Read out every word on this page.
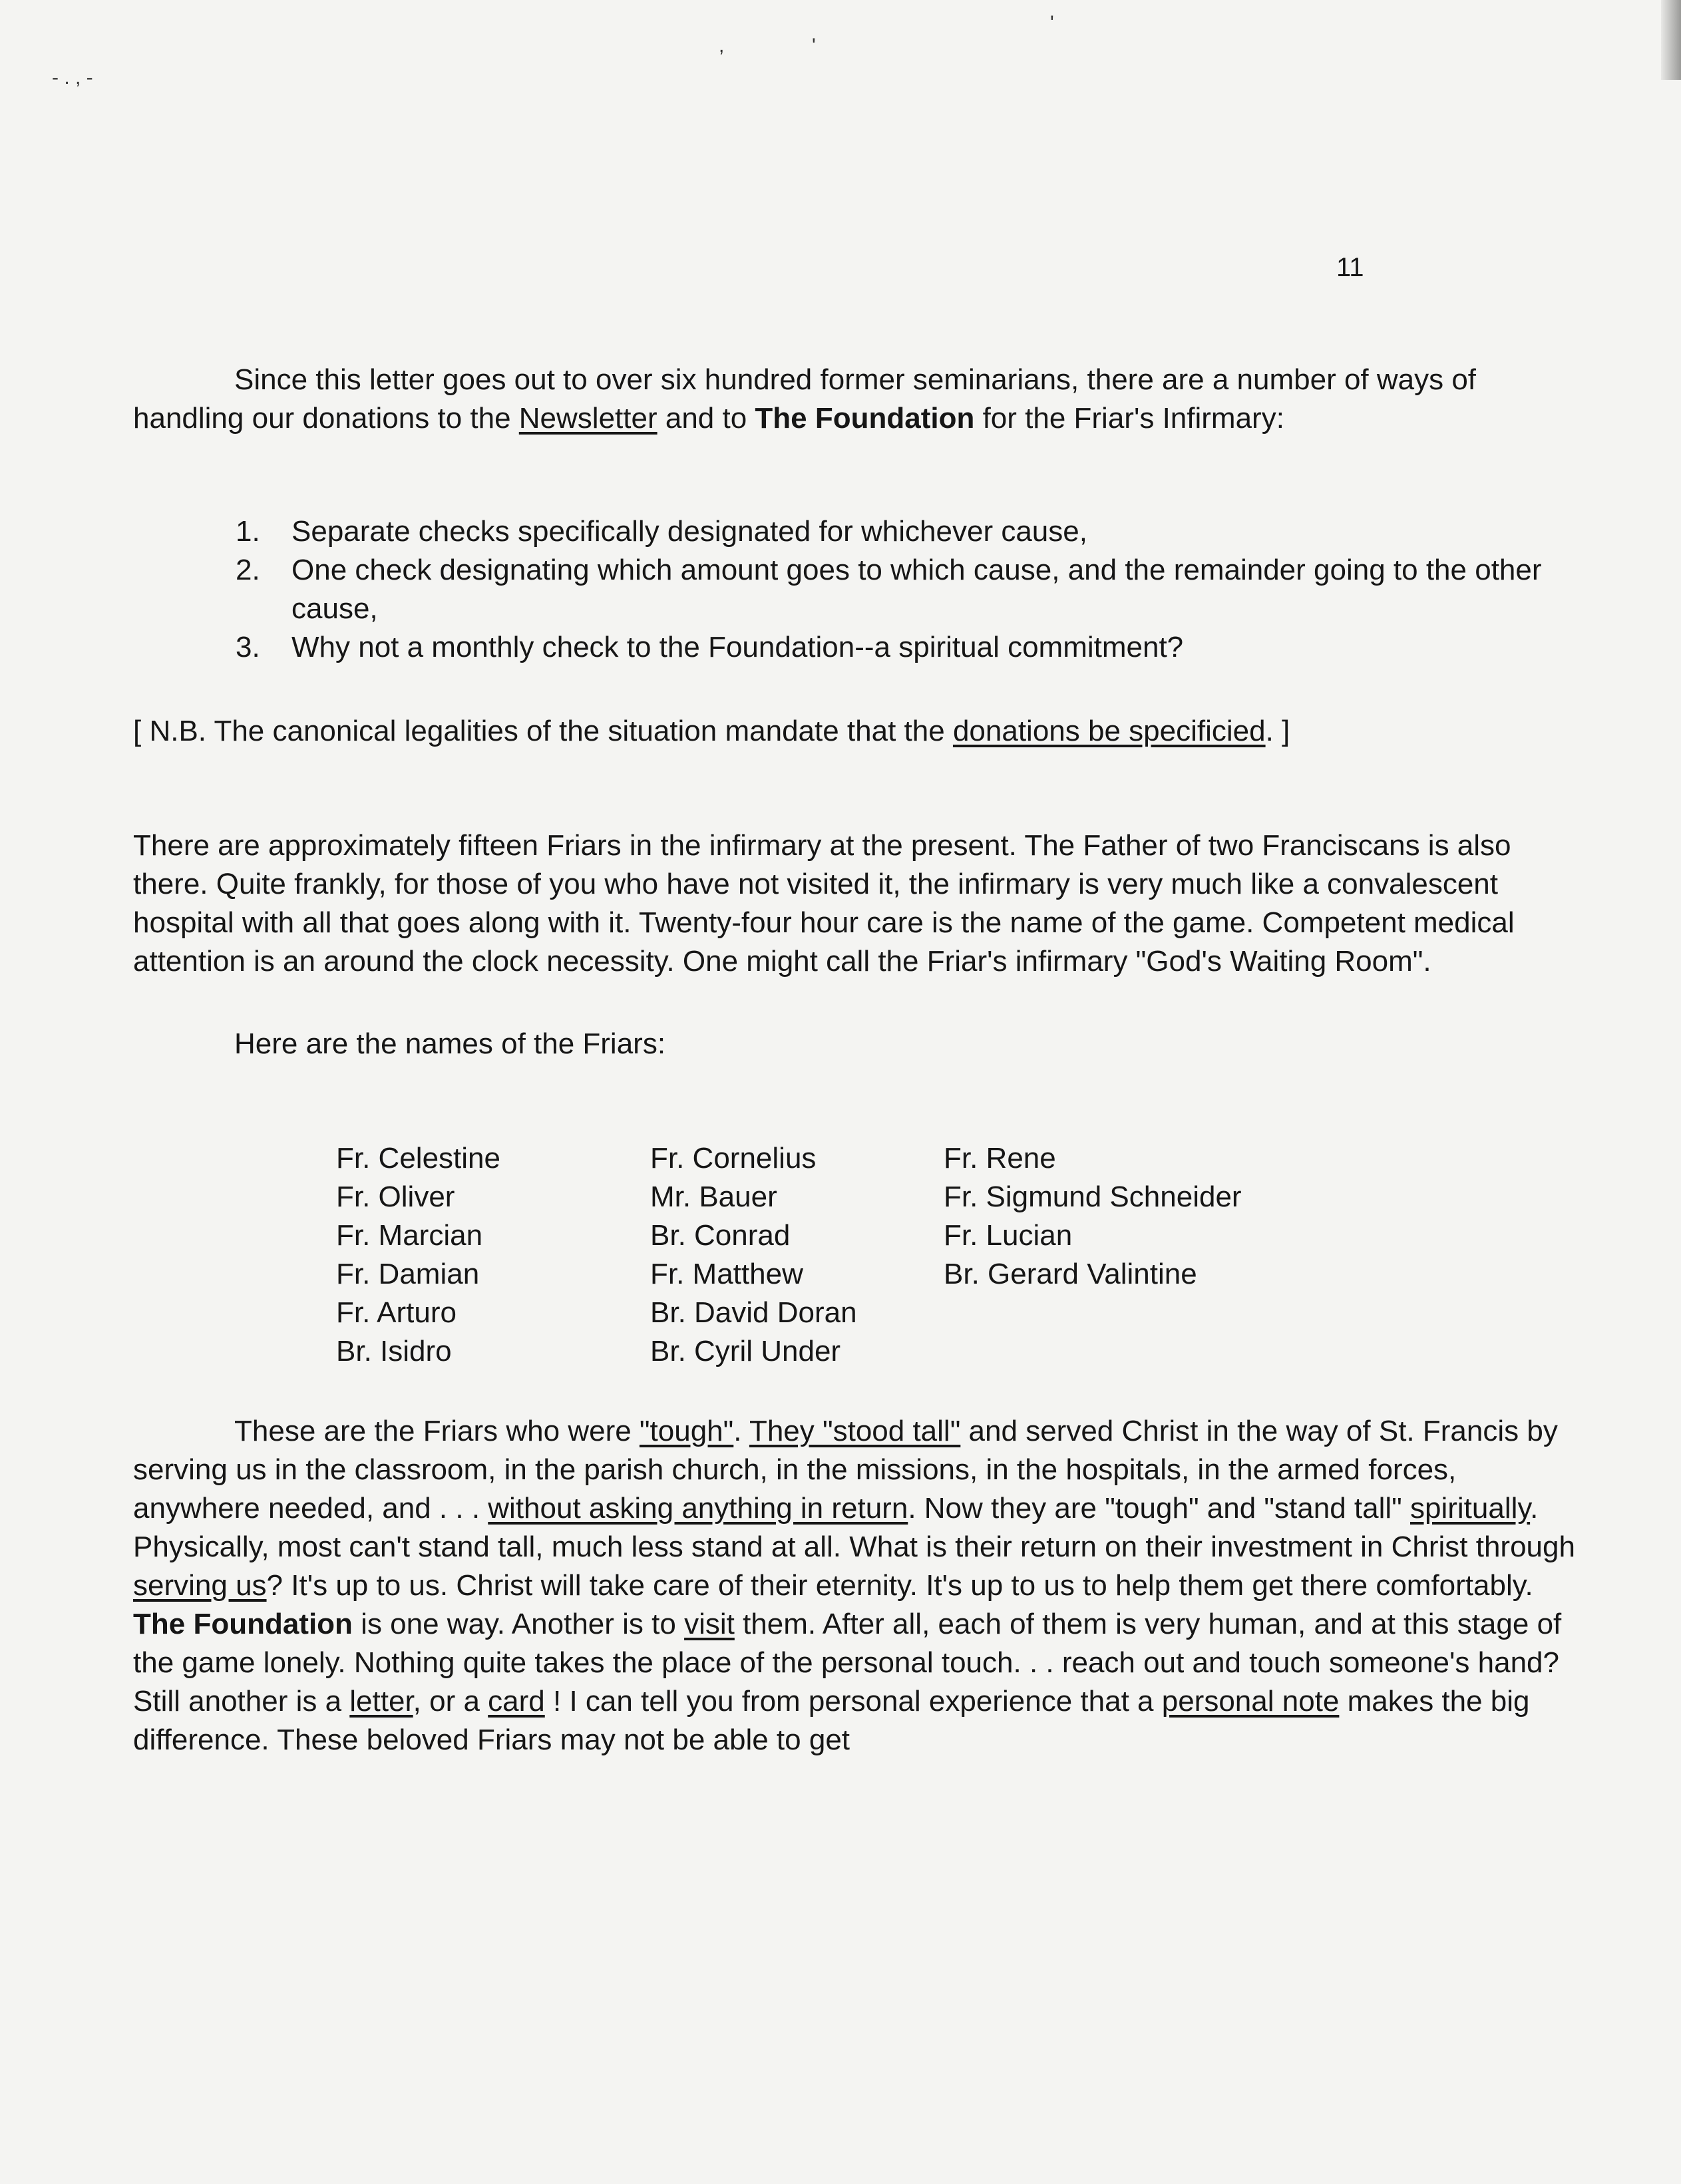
- . , -
,	'
'
11

Since this letter goes out to over six hundred former seminarians, there are a number of ways of handling our donations to the Newsletter and to The Foundation for the Friar's Infirmary:

1. Separate checks specifically designated for whichever cause,
2. One check designating which amount goes to which cause, and the remainder going to the other cause,
3. Why not a monthly check to the Foundation--a spiritual commitment?

[ N.B. The canonical legalities of the situation mandate that the donations be specificied. ]

There are approximately fifteen Friars in the infirmary at the present. The Father of two Franciscans is also there. Quite frankly, for those of you who have not visited it, the infirmary is very much like a convalescent hospital with all that goes along with it. Twenty-four hour care is the name of the game. Competent medical attention is an around the clock necessity. One might call the Friar's infirmary "God's Waiting Room".

Here are the names of the Friars:

Fr. Celestine
Fr. Oliver
Fr. Marcian
Fr. Damian
Fr. Arturo
Br. Isidro
Fr. Cornelius
Mr. Bauer
Br. Conrad
Fr. Matthew
Br. David Doran
Br. Cyril Under
Fr. Rene
Fr. Sigmund Schneider
Fr. Lucian
Br. Gerard Valintine

These are the Friars who were "tough". They "stood tall" and served Christ in the way of St. Francis by serving us in the classroom, in the parish church, in the missions, in the hospitals, in the armed forces, anywhere needed, and . . . without asking anything in return. Now they are "tough" and "stand tall" spiritually. Physically, most can't stand tall, much less stand at all. What is their return on their investment in Christ through serving us? It's up to us. Christ will take care of their eternity. It's up to us to help them get there comfortably. The Foundation is one way. Another is to visit them. After all, each of them is very human, and at this stage of the game lonely. Nothing quite takes the place of the personal touch. . . reach out and touch someone's hand? Still another is a letter, or a card ! I can tell you from personal experience that a personal note makes the big difference. These beloved Friars may not be able to get
